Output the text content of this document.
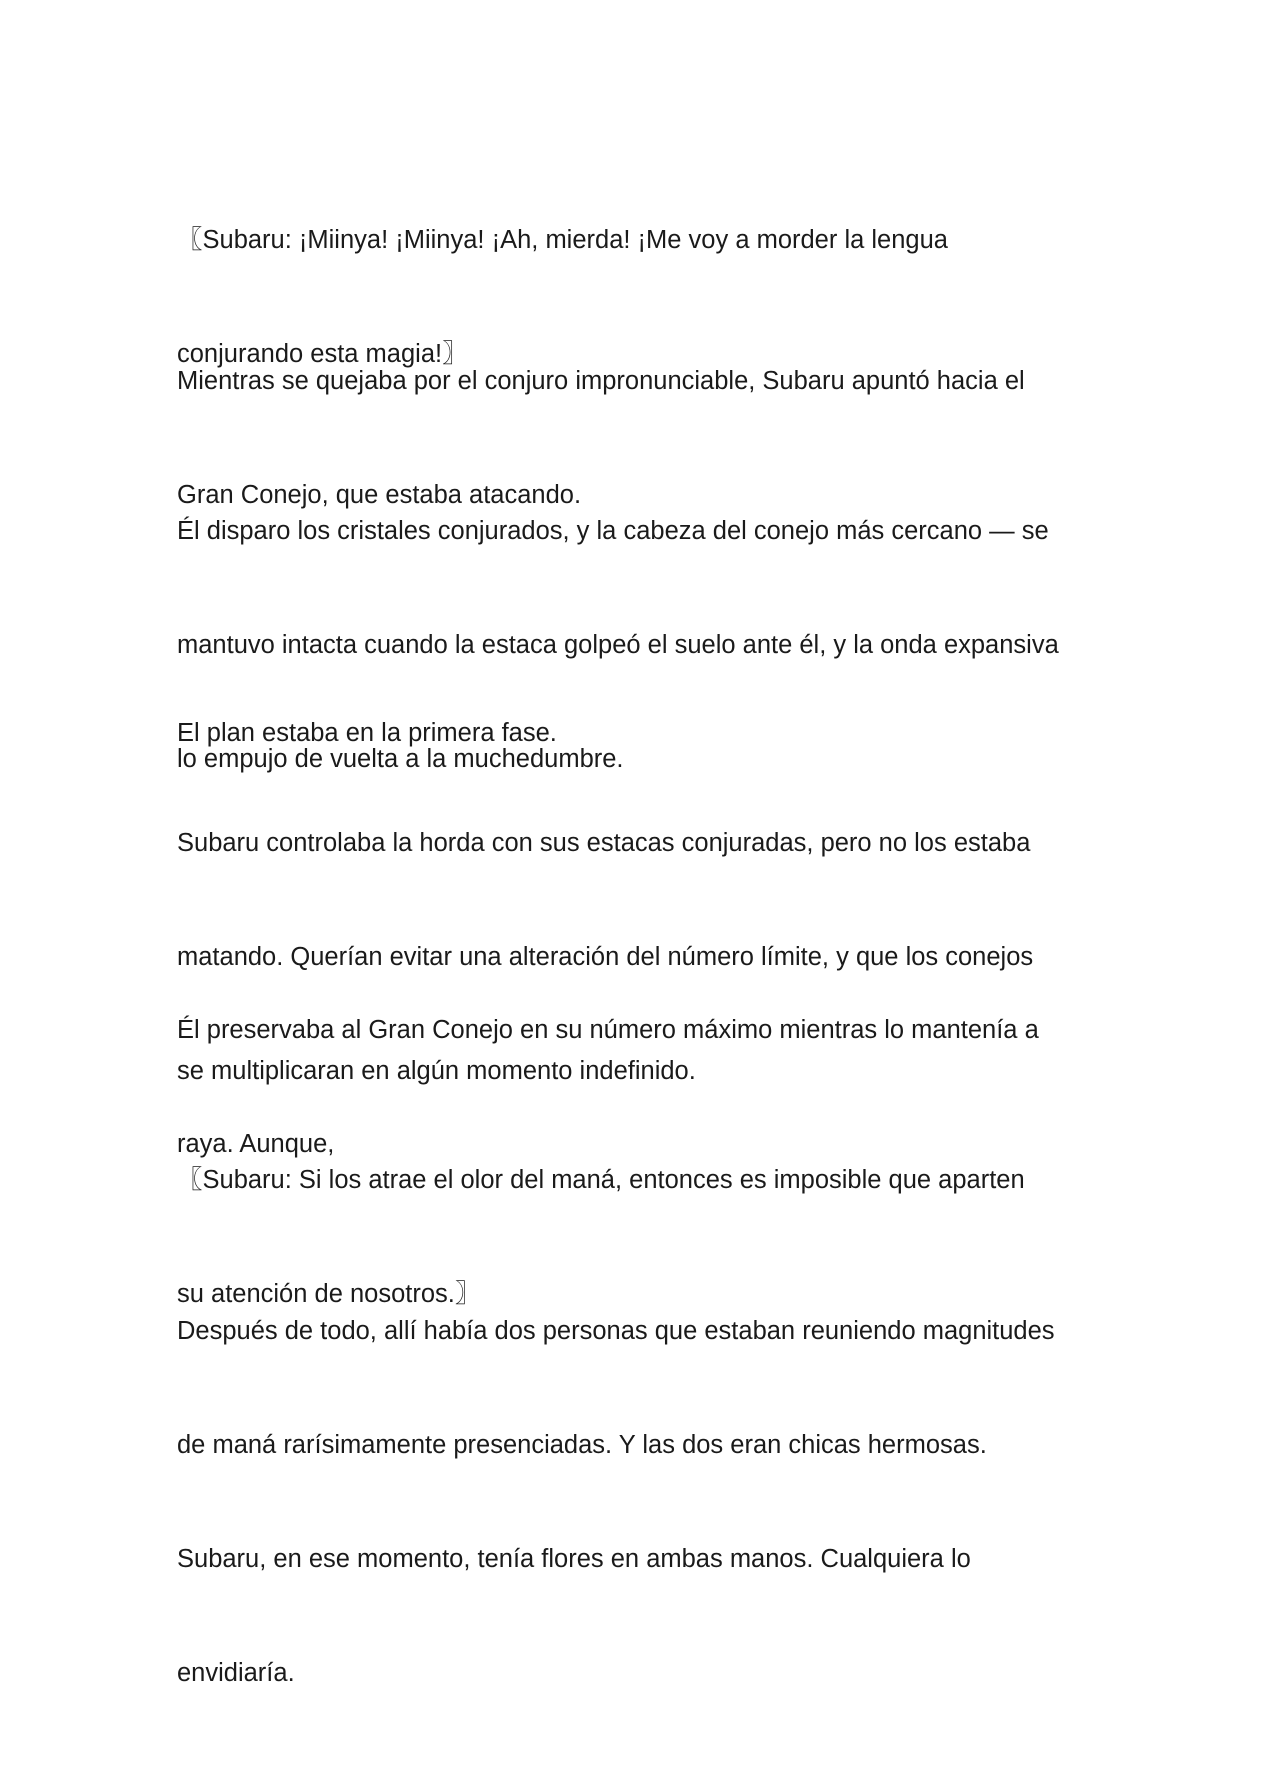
〖Subaru: ¡Miinya! ¡Miinya! ¡Ah, mierda! ¡Me voy a morder la lengua

conjurando esta magia!〗

Mientras se quejaba por el conjuro impronunciable, Subaru apuntó hacia el

Gran Conejo, que estaba atacando.

Él disparo los cristales conjurados, y la cabeza del conejo más cercano — se

mantuvo intacta cuando la estaca golpeó el suelo ante él, y la onda expansiva

lo empujo de vuelta a la muchedumbre.

El plan estaba en la primera fase.

Subaru controlaba la horda con sus estacas conjuradas, pero no los estaba

matando. Querían evitar una alteración del número límite, y que los conejos

se multiplicaran en algún momento indefinido.

Él preservaba al Gran Conejo en su número máximo mientras lo mantenía a

raya. Aunque,

〖Subaru: Si los atrae el olor del maná, entonces es imposible que aparten

su atención de nosotros.〗

Después de todo, allí había dos personas que estaban reuniendo magnitudes

de maná rarísimamente presenciadas. Y las dos eran chicas hermosas.

Subaru, en ese momento, tenía flores en ambas manos. Cualquiera lo

envidiaría.
